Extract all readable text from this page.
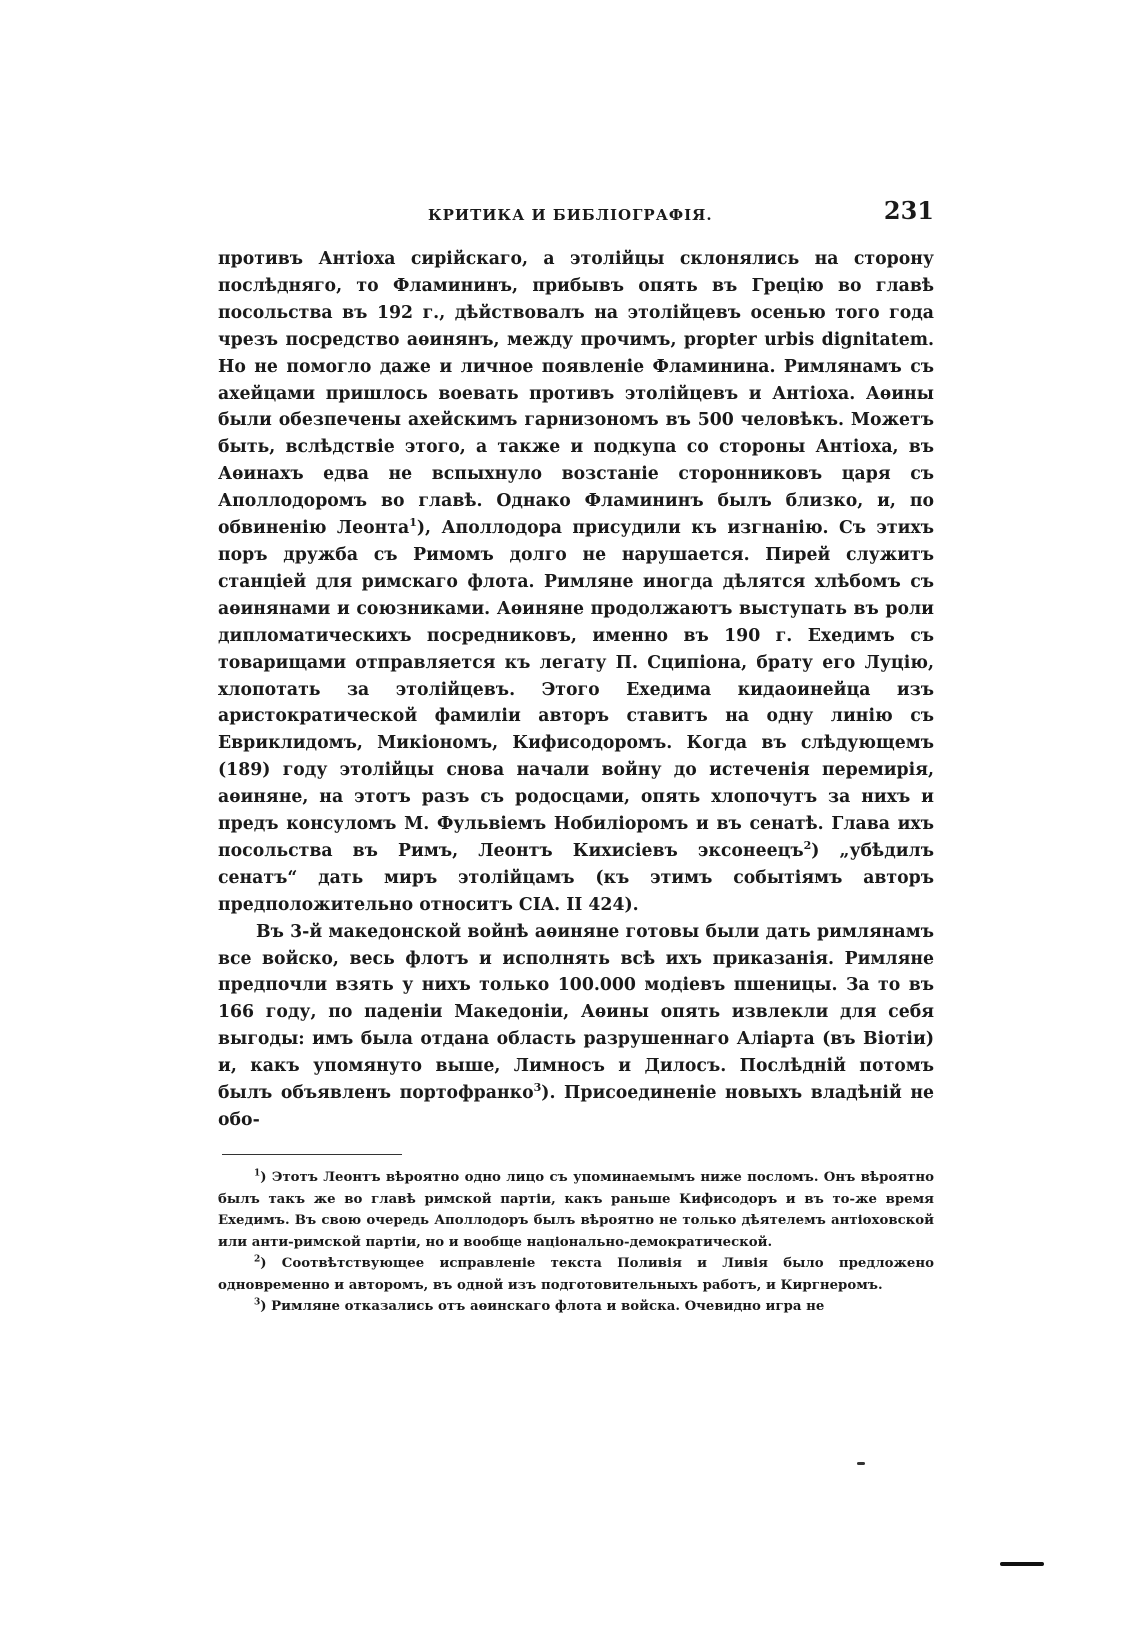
КРИТИКА И БИБЛІОГРАФІЯ.	231

противъ Антіоха сирійскаго, а этолійцы склонялись на сторону послѣдняго, то Фламининъ, прибывъ опять въ Грецію во главѣ посольства въ 192 г., дѣйствовалъ на этолійцевъ осенью того года чрезъ посредство аѳинянъ, между прочимъ, propter urbis dignitatem. Но не помогло даже и личное появленіе Фламинина. Римлянамъ съ ахейцами пришлось воевать противъ этолійцевъ и Антіоха. Аѳины были обезпечены ахейскимъ гарнизономъ въ 500 человѣкъ. Можетъ быть, вслѣдствіе этого, а также и подкупа со стороны Антіоха, въ Аѳинахъ едва не вспыхнуло возстаніе сторонниковъ царя съ Аполлодоромъ во главѣ. Однако Фламининъ былъ близко, и, по обвиненію Леонта$^1$), Аполлодора присудили къ изгнанію. Съ этихъ поръ дружба съ Римомъ долго не нарушается. Пирей служитъ станціей для римскаго флота. Римляне иногда дѣлятся хлѣбомъ съ аѳинянами и союзниками. Аѳиняне продолжаютъ выступать въ роли дипломатическихъ посредниковъ, именно въ 190 г. Ехедимъ съ товарищами отправляется къ легату П. Сципіона, брату его Луцію, хлопотать за этолійцевъ. Этого Ехедима кидаоинейца изъ аристократической фамиліи авторъ ставитъ на одну линію съ Евриклидомъ, Микіономъ, Кифисодоромъ. Когда въ слѣдующемъ (189) году этолійцы снова начали войну до истеченія перемирія, аѳиняне, на этотъ разъ съ родосцами, опять хлопочутъ за нихъ и предъ консуломъ М. Фульвіемъ Нобиліоромъ и въ сенатѣ. Глава ихъ посольства въ Римъ, Леонтъ Кихисіевъ эксонеецъ$^2$) „убѣдилъ сенатъ“ дать миръ этолійцамъ (къ этимъ событіямъ авторъ предположительно относитъ CIA. II 424).

Въ 3-й македонской войнѣ аѳиняне готовы были дать римлянамъ все войско, весь флотъ и исполнять всѣ ихъ приказанія. Римляне предпочли взять у нихъ только 100.000 модіевъ пшеницы. За то въ 166 году, по паденіи Македоніи, Аѳины опять извлекли для себя выгоды: имъ была отдана область разрушеннаго Аліарта (въ Віотіи) и, какъ упомянуто выше, Лимносъ и Дилосъ. Послѣдній потомъ былъ объявленъ портофранко$^3$). Присоединеніе новыхъ владѣній не обо-

$^1$) Этотъ Леонтъ вѣроятно одно лицо съ упоминаемымъ ниже посломъ. Онъ вѣроятно былъ такъ же во главѣ римской партіи, какъ раньше Кифисодоръ и въ то-же время Ехедимъ. Въ свою очередь Аполлодоръ былъ вѣроятно не только дѣятелемъ антіоховской или анти-римской партіи, но и вообще національно-демократической.

$^2$) Соотвѣтствующее исправленіе текста Поливія и Ливія было предложено одновременно и авторомъ, въ одной изъ подготовительныхъ работъ, и Киргнеромъ.

$^3$) Римляне отказались отъ аѳинскаго флота и войска. Очевидно игра не
